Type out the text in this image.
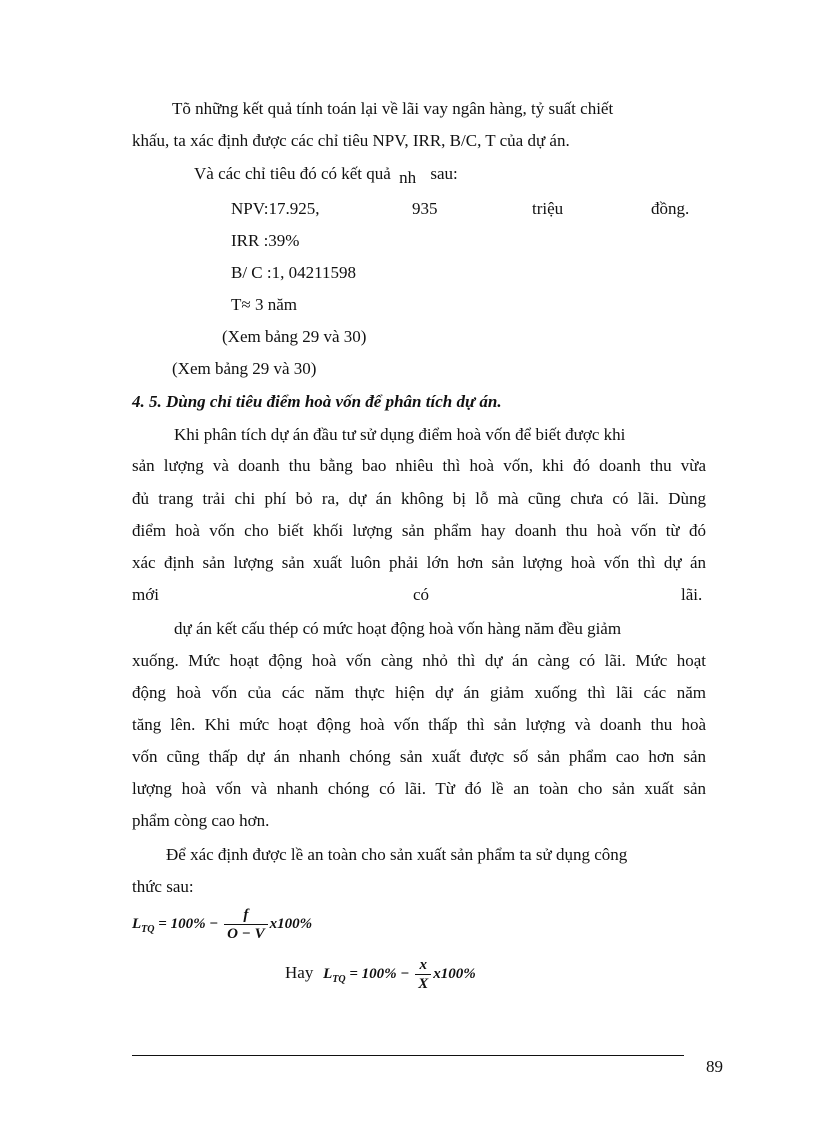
Tõ những kết quả tính toán lại về lãi vay ngân hàng, tỷ suất chiết
khấu, ta xác định được các chỉ tiêu NPV, IRR, B/C, T của dự án.
Và các chỉ tiêu đó có kết quả nh sau:
NPV:17.925,	935	triệu	đồng.
IRR :39%
B/ C :1, 04211598
T≈ 3 năm
(Xem bảng 29 và 30)
(Xem bảng 29 và 30)
4. 5. Dùng chỉ tiêu điểm hoà vốn để phân tích dự án.
Khi phân tích dự án đầu tư sử dụng điểm hoà vốn để biết được khi
sản lượng và doanh thu bằng bao nhiêu thì hoà vốn, khi đó doanh thu vừa
đủ trang trải chi phí bỏ ra, dự án không bị lỗ mà cũng chưa có lãi. Dùng
điểm hoà vốn cho biết khối lượng sản phẩm hay doanh thu hoà vốn từ đó
xác định sản lượng sản xuất luôn phải lớn hơn sản lượng hoà vốn thì dự án
mới	có	lãi.
dự án kết cấu thép có mức hoạt động hoà vốn hàng năm đều giảm
xuống. Mức hoạt động hoà vốn càng nhỏ thì dự án càng có lãi. Mức hoạt
động hoà vốn của các năm thực hiện dự án giảm xuống thì lãi các năm
tăng lên. Khi mức hoạt động hoà vốn thấp thì sản lượng và doanh thu hoà
vốn cũng thấp dự án nhanh chóng sản xuất được số sản phẩm cao hơn sản
lượng hoà vốn và nhanh chóng có lãi. Từ đó lề an toàn cho sản xuất sản
phẩm còng cao hơn.
Để xác định được lề an toàn cho sản xuất sản phẩm ta sử dụng công
thức sau:
$L_{TQ} = 100\% - \frac{f}{O - V} x100\%$
Hay $L_{TQ} = 100\% - \frac{x}{X} x100\%$
89
